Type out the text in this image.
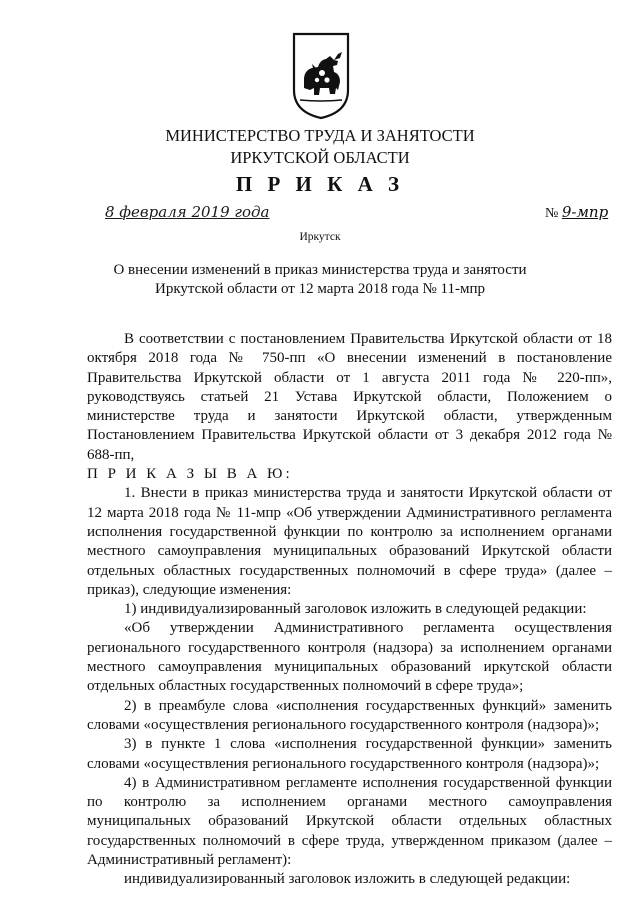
МИНИСТЕРСТВО ТРУДА И ЗАНЯТОСТИ
ИРКУТСКОЙ ОБЛАСТИ
П Р И К А З
8 февраля 2019 года	№ 9-мпр
Иркутск
О внесении изменений в приказ министерства труда и занятости Иркутской области от 12 марта 2018 года № 11-мпр

В соответствии с постановлением Правительства Иркутской области от 18 октября 2018 года № 750-пп «О внесении изменений в постановление Правительства Иркутской области от 1 августа 2011 года № 220-пп», руководствуясь статьей 21 Устава Иркутской области, Положением о министерстве труда и занятости Иркутской области, утвержденным Постановлением Правительства Иркутской области от 3 декабря 2012 года № 688-пп,

П Р И К А З Ы В А Ю:

1. Внести в приказ министерства труда и занятости Иркутской области от 12 марта 2018 года № 11-мпр «Об утверждении Административного регламента исполнения государственной функции по контролю за исполнением органами местного самоуправления муниципальных образований Иркутской области отдельных областных государственных полномочий в сфере труда» (далее – приказ), следующие изменения:

1) индивидуализированный заголовок изложить в следующей редакции:

«Об утверждении Административного регламента осуществления регионального государственного контроля (надзора) за исполнением органами местного самоуправления муниципальных образований иркутской области отдельных областных государственных полномочий в сфере труда»;

2) в преамбуле слова «исполнения государственных функций» заменить словами «осуществления регионального государственного контроля (надзора)»;

3) в пункте 1 слова «исполнения государственной функции» заменить словами «осуществления регионального государственного контроля (надзора)»;

4) в Административном регламенте исполнения государственной функции по контролю за исполнением органами местного самоуправления муниципальных образований Иркутской области отдельных областных государственных полномочий в сфере труда, утвержденном приказом (далее – Административный регламент):

индивидуализированный заголовок изложить в следующей редакции:
